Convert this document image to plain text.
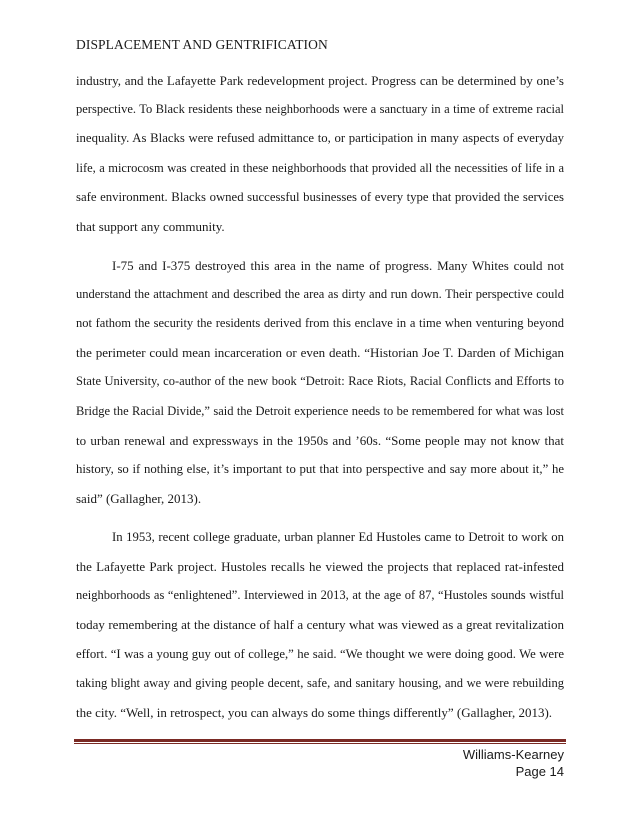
DISPLACEMENT AND GENTRIFICATION
industry, and the Lafayette Park redevelopment project. Progress can be determined by one’s
perspective. To Black residents these neighborhoods were a sanctuary in a time of extreme racial
inequality. As Blacks were refused admittance to, or participation in many aspects of everyday
life, a microcosm was created in these neighborhoods that provided all the necessities of life in a
safe environment. Blacks owned successful businesses of every type that provided the services
that support any community.
I-75 and I-375 destroyed this area in the name of progress. Many Whites could not
understand the attachment and described the area as dirty and run down. Their perspective could
not fathom the security the residents derived from this enclave in a time when venturing beyond
the perimeter could mean incarceration or even death. “Historian Joe T. Darden of Michigan
State University, co-author of the new book “Detroit: Race Riots, Racial Conflicts and Efforts to
Bridge the Racial Divide,” said the Detroit experience needs to be remembered for what was lost
to urban renewal and expressways in the 1950s and ’60s. “Some people may not know that
history, so if nothing else, it’s important to put that into perspective and say more about it,” he
said” (Gallagher, 2013).
In 1953, recent college graduate, urban planner Ed Hustoles came to Detroit to work on
the Lafayette Park project. Hustoles recalls he viewed the projects that replaced rat-infested
neighborhoods as “enlightened”. Interviewed in 2013, at the age of 87, “Hustoles sounds wistful
today remembering at the distance of half a century what was viewed as a great revitalization
effort. “I was a young guy out of college,” he said. “We thought we were doing good. We were
taking blight away and giving people decent, safe, and sanitary housing, and we were rebuilding
the city. “Well, in retrospect, you can always do some things differently” (Gallagher, 2013).
Williams-Kearney
Page 14
